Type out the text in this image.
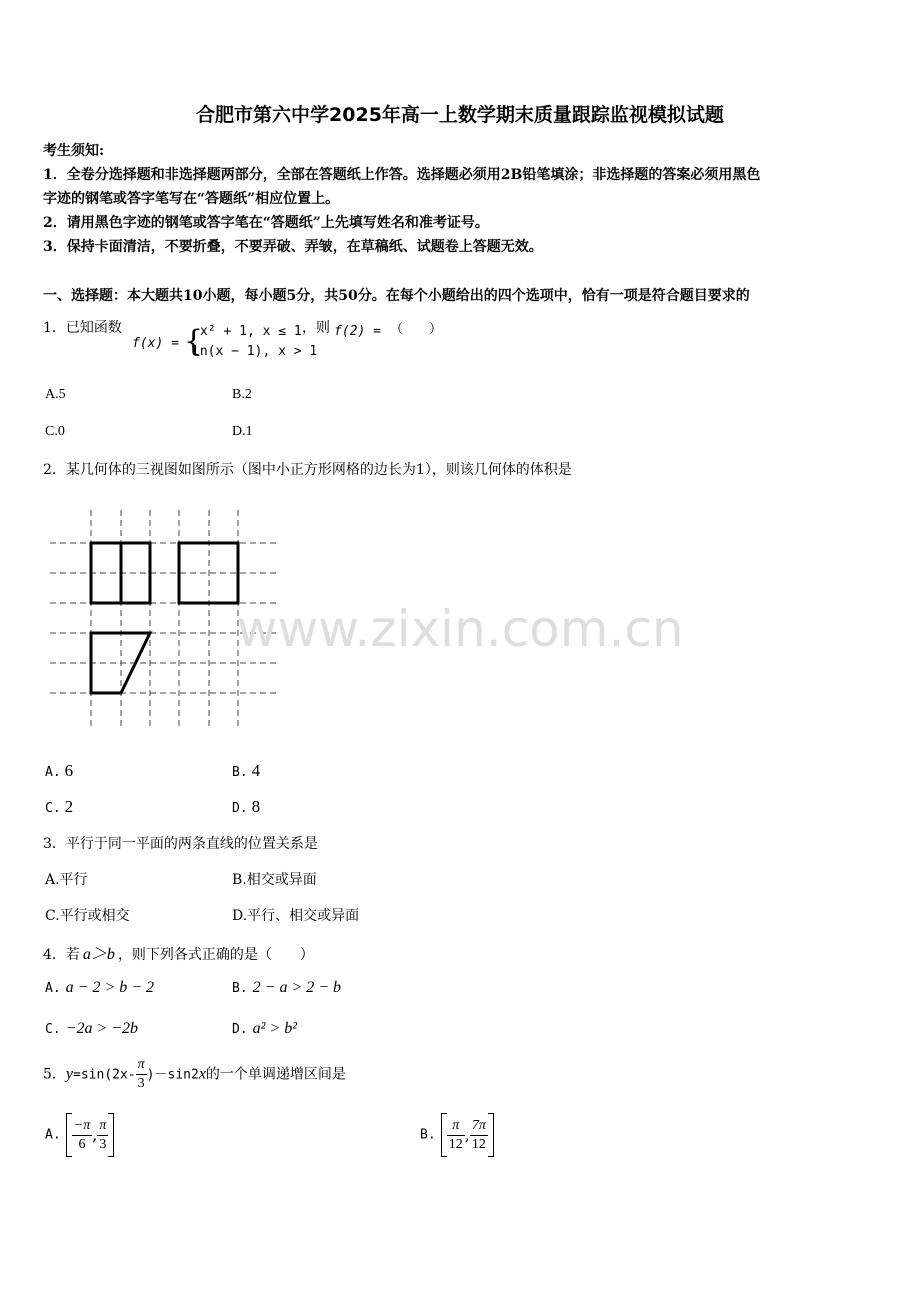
合肥市第六中学2025年高一上数学期末质量跟踪监视模拟试题
考生须知:
1．全卷分选择题和非选择题两部分，全部在答题纸上作答。选择题必须用2B铅笔填涂；非选择题的答案必须用黑色
字迹的钢笔或答字笔写在“答题纸”相应位置上。
2．请用黑色字迹的钢笔或答字笔在“答题纸”上先填写姓名和准考证号。
3．保持卡面清洁，不要折叠，不要弄破、弄皱，在草稿纸、试题卷上答题无效。
一、选择题：本大题共10小题，每小题5分，共50分。在每个小题给出的四个选项中，恰有一项是符合题目要求的
1．已知函数
f(x) = {
x² + 1, x ≤ 1
ln(x − 1), x > 1
，则 f(2) = （　　）
A.5	B.2
C.0	D.1
2．某几何体的三视图如图所示（图中小正方形网格的边长为1），则该几何体的体积是
A. 6	B. 4
C. 2	D. 8
3．平行于同一平面的两条直线的位置关系是
A.平行	B.相交或异面
C.平行或相交	D.平行、相交或异面
4．若 a＞b ，则下列各式正确的是（　　）
A. a − 2 > b − 2	B. 2 − a > 2 − b
C. −2a > −2b	D. a² > b²
5．$y=\sin(2x- \frac{\pi}{3} )-\sin 2x$的一个单调递增区间是
A. $\frac{-\pi}{6}$ , $\frac{\pi}{3}$	B. $\frac{\pi}{12}$ , $\frac{7\pi}{12}$
www.zixin.com.cn
